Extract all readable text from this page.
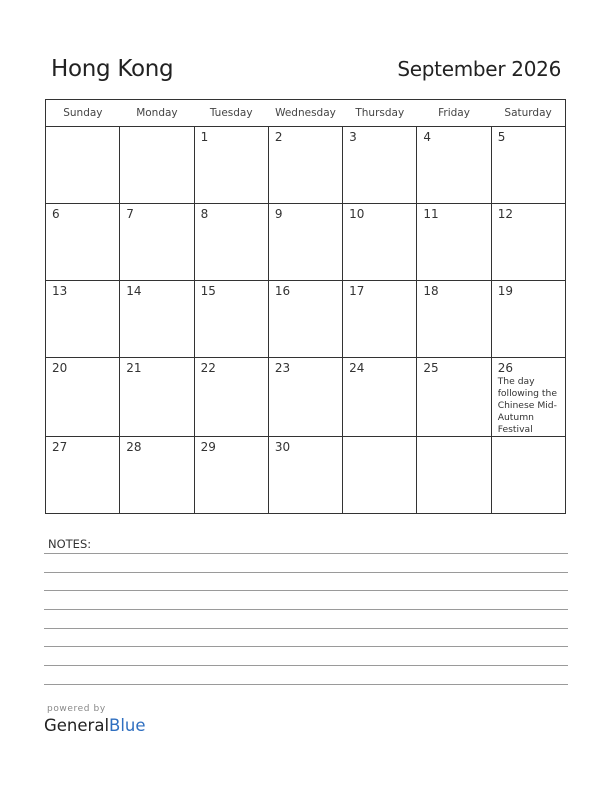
Hong Kong	September 2026
Sunday	Monday	Tuesday	Wednesday	Thursday	Friday	Saturday

		1	2	3	4	5

6	7	8	9	10	11	12

13	14	15	16	17	18	19

20	21	22	23	24	25	26
The day following the Chinese Mid-Autumn Festival

27	28	29	30			

NOTES:
powered by
GeneralBlue
